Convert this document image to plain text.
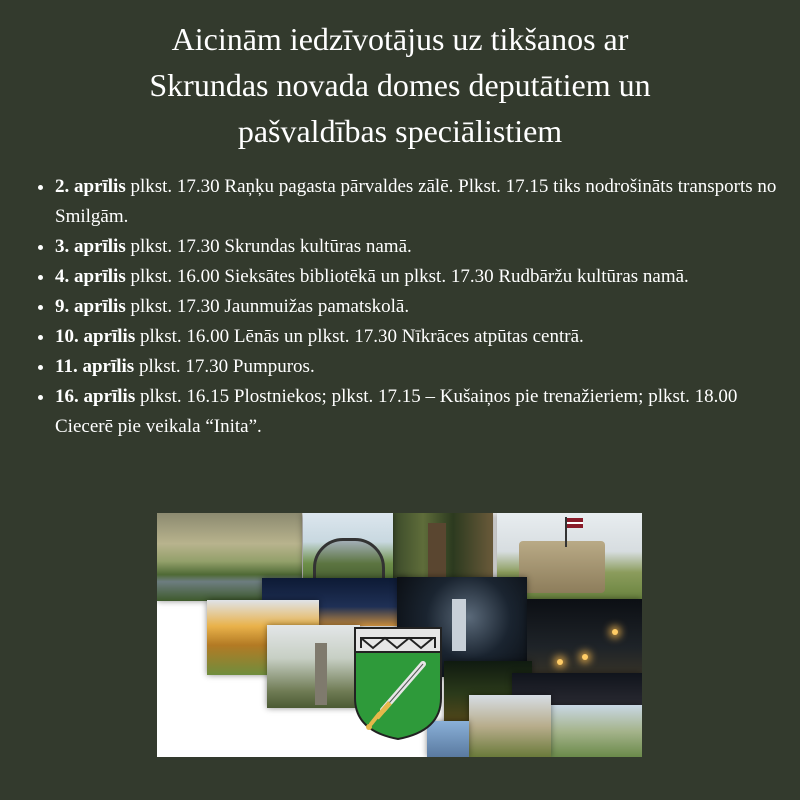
Aicinām iedzīvotājus uz tikšanos ar
Skrundas novada domes deputātiem un
pašvaldības speciālistiem
• 2. aprīlis plkst. 17.30 Raņķu pagasta pārvaldes zālē. Plkst. 17.15 tiks nodrošināts transports no Smilgām.
• 3. aprīlis plkst. 17.30 Skrundas kultūras namā.
• 4. aprīlis plkst. 16.00 Sieksātes bibliotēkā un plkst. 17.30 Rudbāržu kultūras namā.
• 9. aprīlis plkst. 17.30 Jaunmuižas pamatskolā.
• 10. aprīlis plkst. 16.00 Lēnās un plkst. 17.30 Nīkrāces atpūtas centrā.
• 11. aprīlis plkst. 17.30 Pumpuros.
• 16. aprīlis plkst. 16.15 Plostniekos; plkst. 17.15 – Kušaiņos pie trenažieriem; plkst. 18.00 Ciecerē pie veikala “Inita”.
